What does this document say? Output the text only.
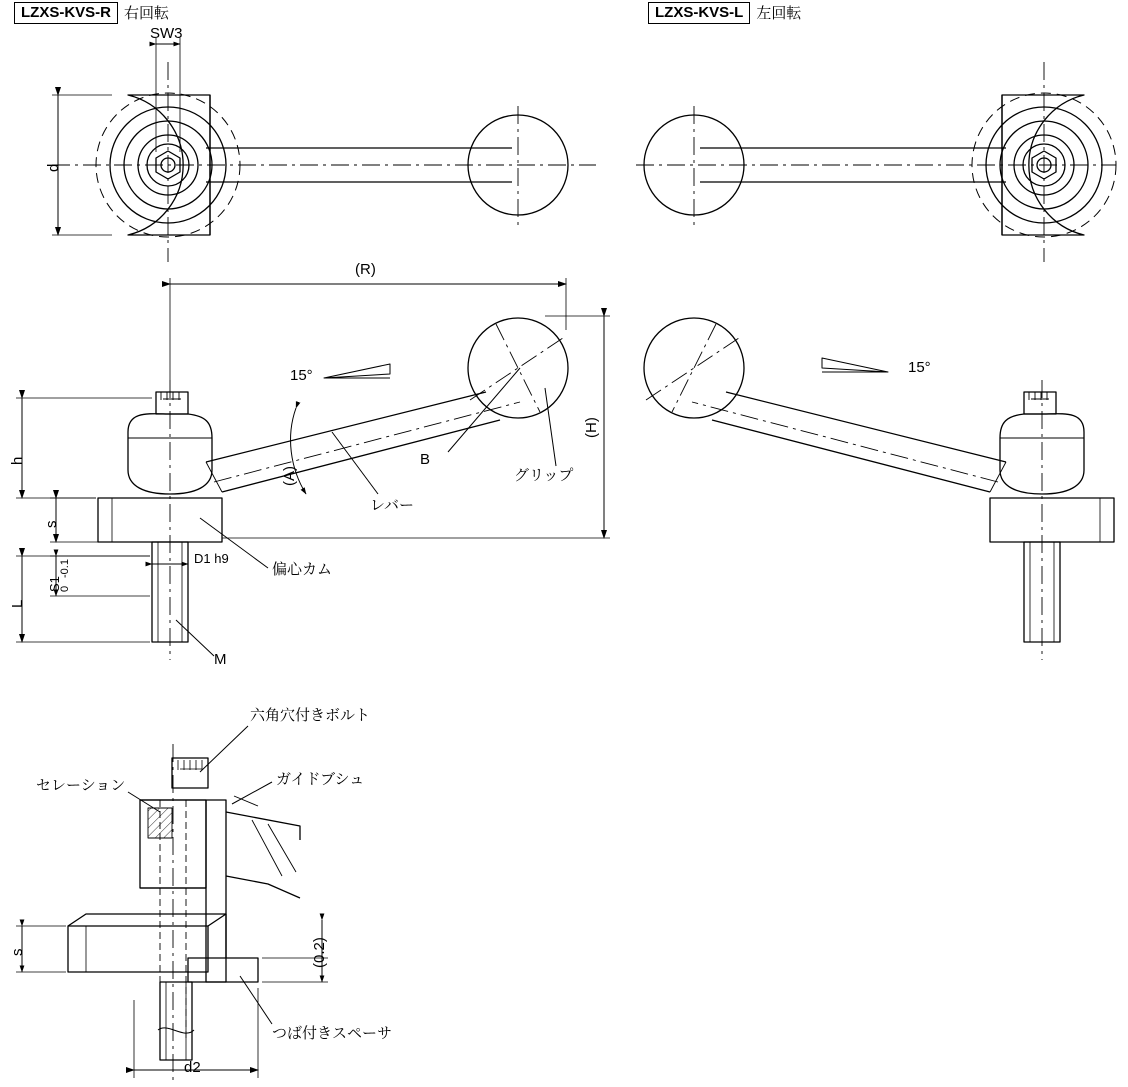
LZXS-KVS-R 右回転	LZXS-KVS-L 左回転
SW3
d
(R)
(H)
h
s
L
S1
0
-0.1
D1 h9
M
15°
(A)
B
レバー
グリップ
偏心カム
15°
六角穴付きボルト
セレーション	ガイドブシュ
つば付きスペーサ
s	(0.2)
d2
